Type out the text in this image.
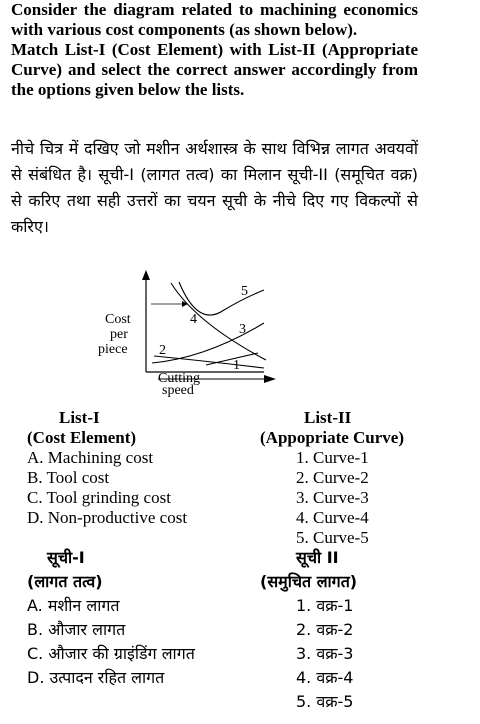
Consider the diagram related to machining economics with various cost components (as shown below).

Match List-I (Cost Element) with List-II (Appropriate Curve) and select the correct answer accordingly from the options given below the lists.

नीचे चित्र में दखिए जो मशीन अर्थशास्त्र के साथ विभिन्न लागत अवयवों से संबंधित है। सूची-I (लागत तत्व) का मिलान सूची-II (समूचित वक्र) से करिए तथा सही उत्तरों का चयन सूची के नीचे दिए गए विकल्पों से करिए।
Cost
per
piece
Cutting
speed
1
2
3
4
5
List-I
(Cost Element)
A. Machining cost
B. Tool cost
C. Tool grinding cost
D. Non-productive cost
List-II
(Appopriate Curve)
1. Curve-1
2. Curve-2
3. Curve-3
4. Curve-4
5. Curve-5
सूची-I
(लागत तत्व)
A. मशीन लागत
B. औजार लागत
C. औजार की ग्राइंडिंग लागत
D. उत्पादन रहित लागत
सूची II
(समुचित लागत)
1. वक्र-1
2. वक्र-2
3. वक्र-3
4. वक्र-4
5. वक्र-5
